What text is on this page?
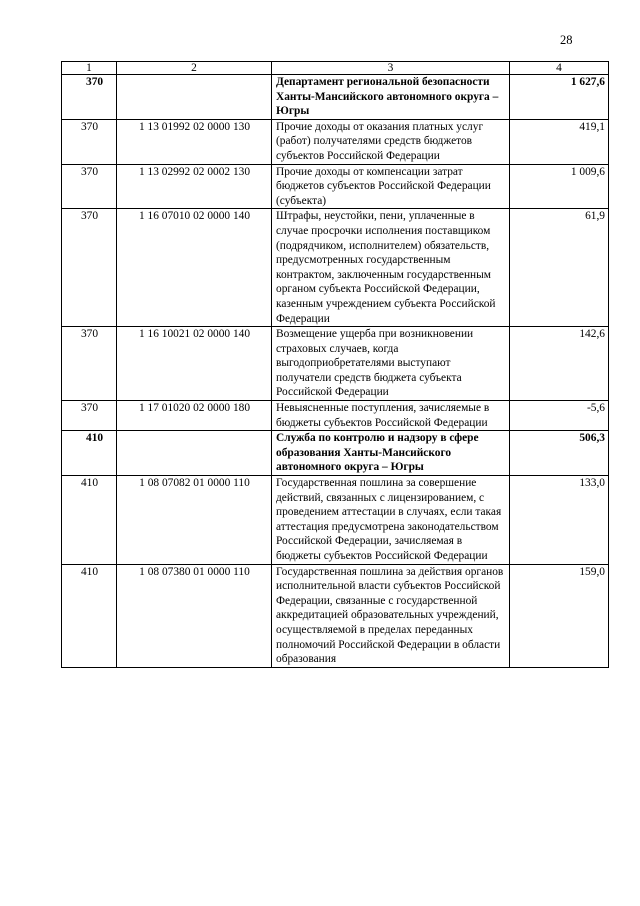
28
1	2	3	4
370		Департамент региональной безопасности Ханты-Мансийского автономного округа – Югры	1 627,6
370	1 13 01992 02 0000 130	Прочие доходы от оказания платных услуг (работ) получателями средств бюджетов субъектов Российской Федерации	419,1
370	1 13 02992 02 0002 130	Прочие доходы от компенсации затрат бюджетов субъектов Российской Федерации (субъекта)	1 009,6
370	1 16 07010 02 0000 140	Штрафы, неустойки, пени, уплаченные в случае просрочки исполнения поставщиком (подрядчиком, исполнителем) обязательств, предусмотренных государственным контрактом, заключенным государственным органом субъекта Российской Федерации, казенным учреждением субъекта Российской Федерации	61,9
370	1 16 10021 02 0000 140	Возмещение ущерба при возникновении страховых случаев, когда выгодоприобретателями выступают получатели средств бюджета субъекта Российской Федерации	142,6
370	1 17 01020 02 0000 180	Невыясненные поступления, зачисляемые в бюджеты субъектов Российской Федерации	-5,6
410		Служба по контролю и надзору в сфере образования Ханты-Мансийского автономного округа – Югры	506,3
410	1 08 07082 01 0000 110	Государственная пошлина за совершение действий, связанных с лицензированием, с проведением аттестации в случаях, если такая аттестация предусмотрена законодательством Российской Федерации, зачисляемая в бюджеты субъектов Российской Федерации	133,0
410	1 08 07380 01 0000 110	Государственная пошлина за действия органов исполнительной власти субъектов Российской Федерации, связанные с государственной аккредитацией образовательных учреждений, осуществляемой в пределах переданных полномочий Российской Федерации в области образования	159,0
